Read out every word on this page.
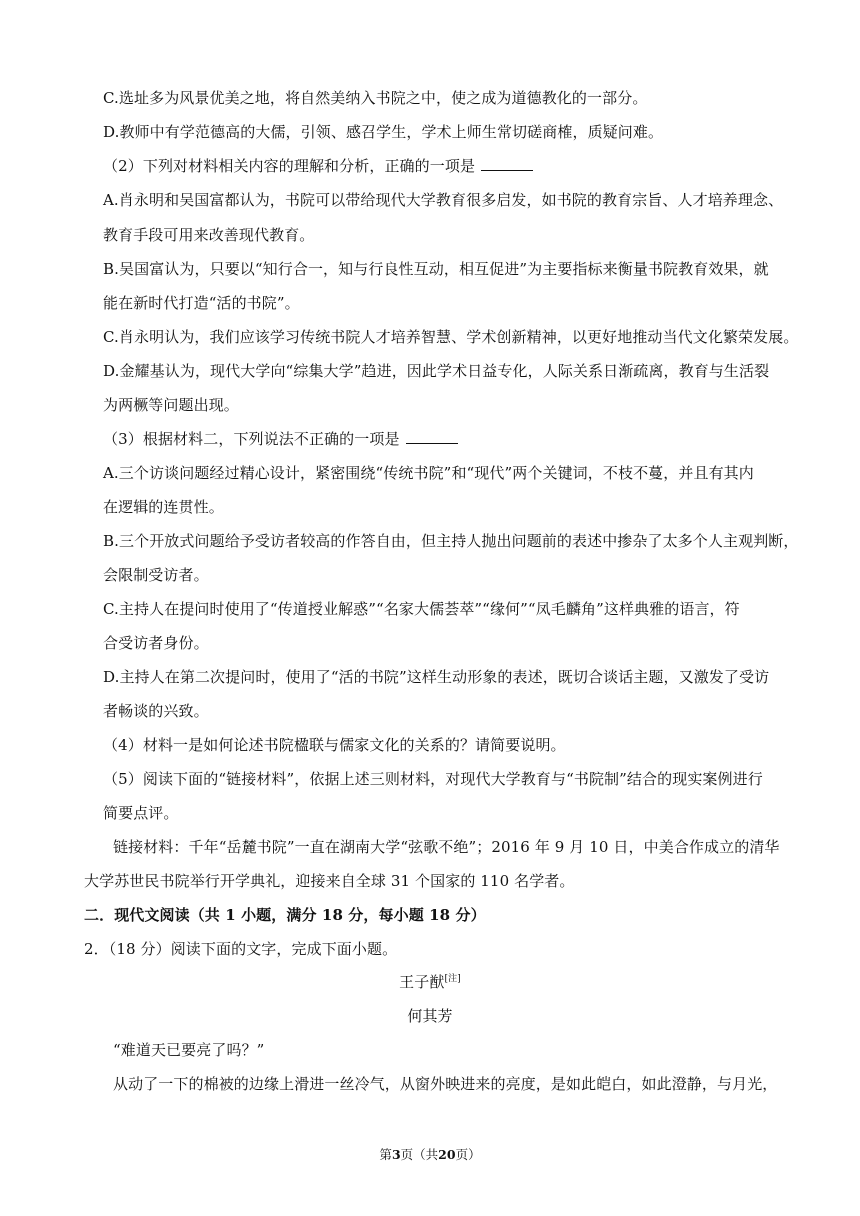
C.选址多为风景优美之地，将自然美纳入书院之中，使之成为道德教化的一部分。
D.教师中有学范德高的大儒，引领、感召学生，学术上师生常切磋商榷，质疑问难。
（2）下列对材料相关内容的理解和分析，正确的一项是
A.肖永明和吴国富都认为，书院可以带给现代大学教育很多启发，如书院的教育宗旨、人才培养理念、
教育手段可用来改善现代教育。
B.吴国富认为，只要以“知行合一，知与行良性互动，相互促进”为主要指标来衡量书院教育效果，就
能在新时代打造“活的书院”。
C.肖永明认为，我们应该学习传统书院人才培养智慧、学术创新精神，以更好地推动当代文化繁荣发展。
D.金耀基认为，现代大学向“综集大学”趋进，因此学术日益专化，人际关系日渐疏离，教育与生活裂
为两橛等问题出现。
（3）根据材料二，下列说法不正确的一项是
A.三个访谈问题经过精心设计，紧密围绕“传统书院”和“现代”两个关键词，不枝不蔓，并且有其内
在逻辑的连贯性。
B.三个开放式问题给予受访者较高的作答自由，但主持人抛出问题前的表述中掺杂了太多个人主观判断，
会限制受访者。
C.主持人在提问时使用了“传道授业解惑”“名家大儒荟萃”“缘何”“凤毛麟角”这样典雅的语言，符
合受访者身份。
D.主持人在第二次提问时，使用了“活的书院”这样生动形象的表述，既切合谈话主题，又激发了受访
者畅谈的兴致。
（4）材料一是如何论述书院楹联与儒家文化的关系的？请简要说明。
（5）阅读下面的“链接材料”，依据上述三则材料，对现代大学教育与“书院制”结合的现实案例进行
简要点评。
链接材料：千年“岳麓书院”一直在湖南大学“弦歌不绝”；2016 年 9 月 10 日，中美合作成立的清华
大学苏世民书院举行开学典礼，迎接来自全球 31 个国家的 110 名学者。
二．现代文阅读（共 1 小题，满分 18 分，每小题 18 分）
2．（18 分）阅读下面的文字，完成下面小题。
王子猷[注]
何其芳
“难道天已要亮了吗？”
从动了一下的棉被的边缘上滑进一丝冷气，从窗外映进来的亮度，是如此皑白，如此澄静，与月光，
第3页（共20页）
